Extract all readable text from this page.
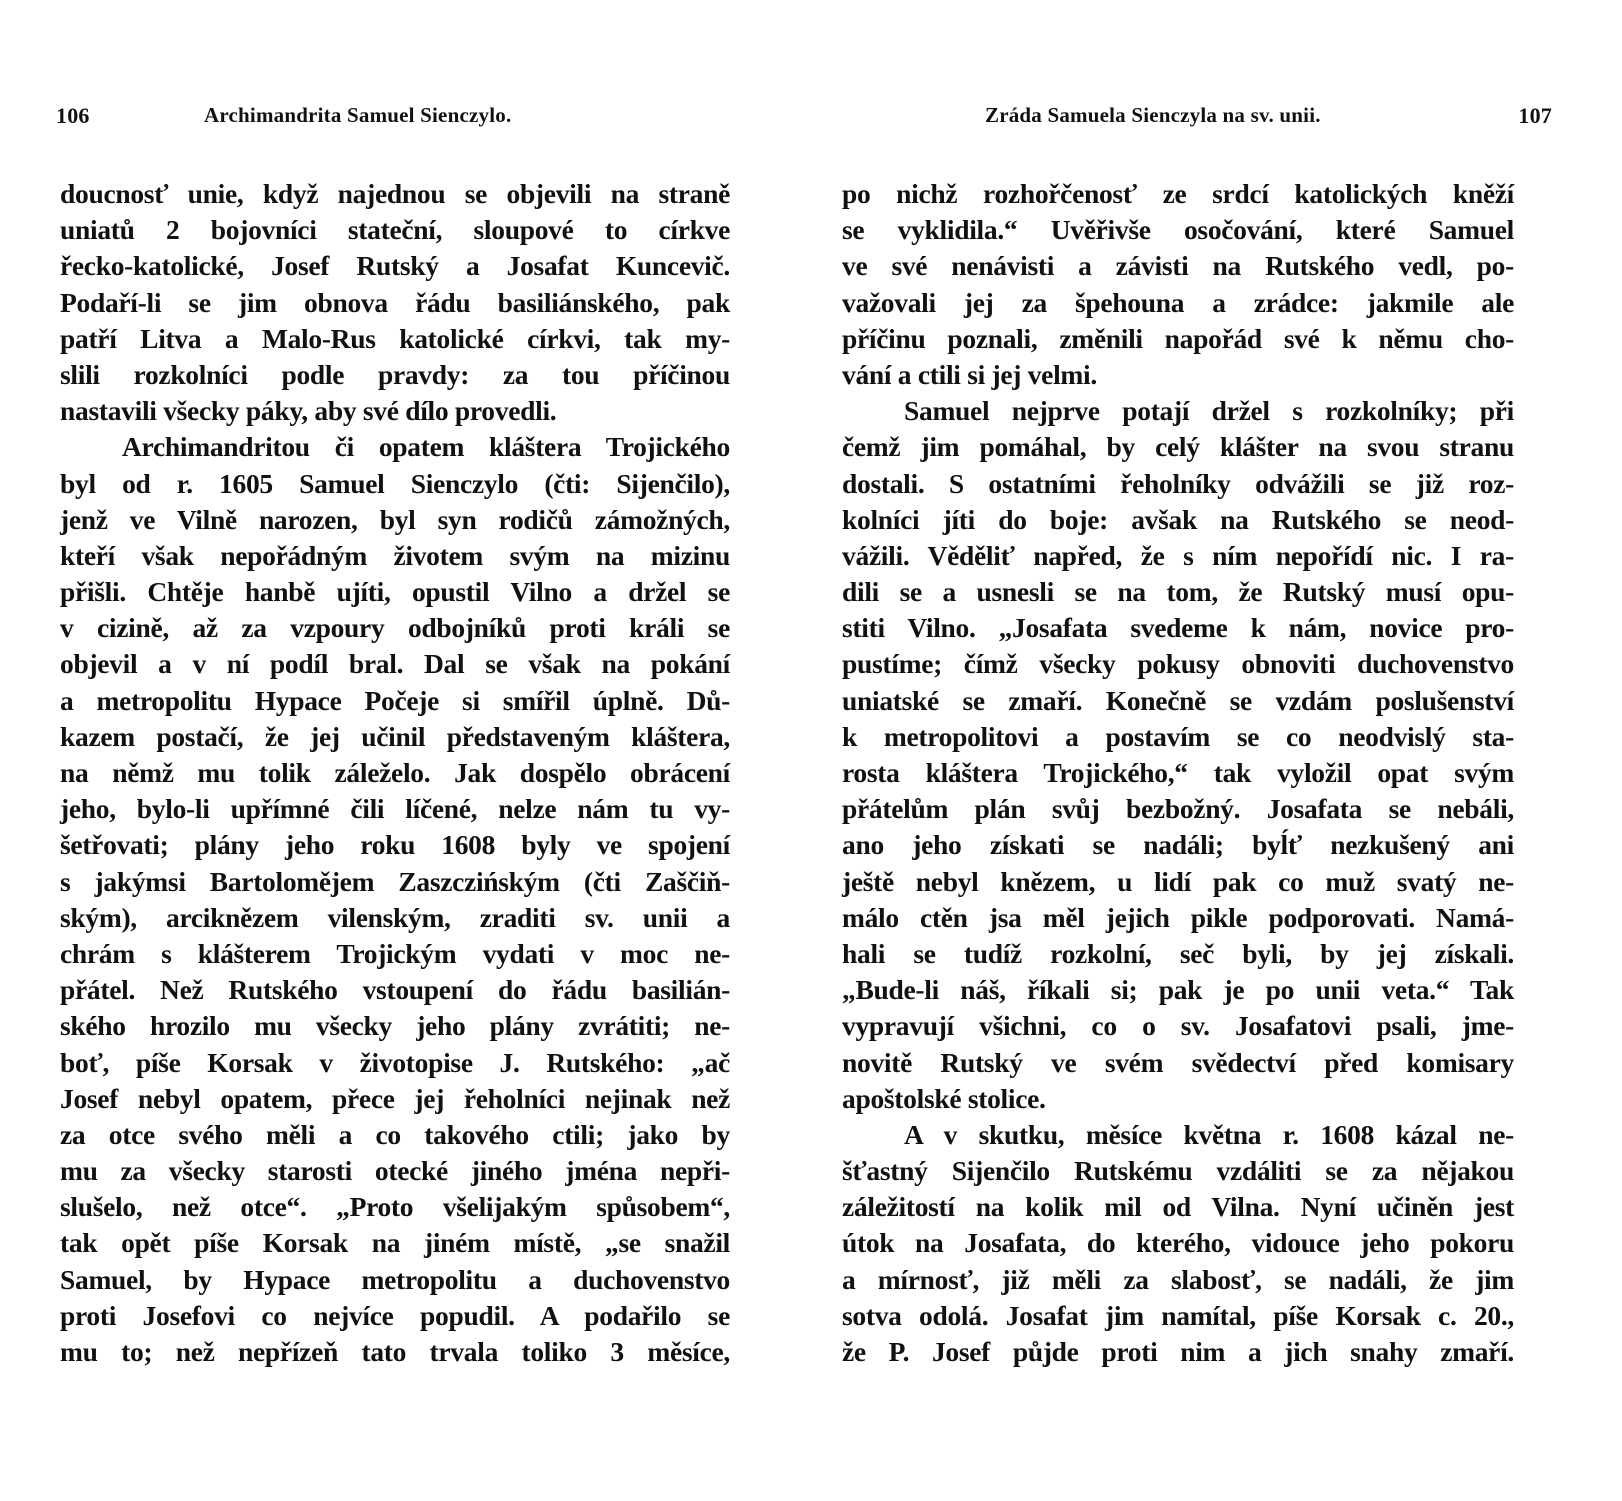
106	Archimandrita Samuel Sienczylo.
doucnosť unie, když najednou se objevili na straně
uniatů 2 bojovníci stateční, sloupové to církve
řecko-katolické, Josef Rutský a Josafat Kuncevič.
Podaří-li se jim obnova řádu basiliánského, pak
patří Litva a Malo-Rus katolické církvi, tak my-
slili rozkolníci podle pravdy: za tou příčinou
nastavili všecky páky, aby své dílo provedli.
Archimandritou či opatem kláštera Trojického
byl od r. 1605 Samuel Sienczylo (čti: Sijenčilo),
jenž ve Vilně narozen, byl syn rodičů zámožných,
kteří však nepořádným životem svým na mizinu
přišli. Chtěje hanbě ujíti, opustil Vilno a držel se
v cizině, až za vzpoury odbojníků proti králi se
objevil a v ní podíl bral. Dal se však na pokání
a metropolitu Hypace Počeje si smířil úplně. Dů-
kazem postačí, že jej učinil představeným kláštera,
na němž mu tolik záleželo. Jak dospělo obrácení
jeho, bylo-li upřímné čili líčené, nelze nám tu vy-
šetřovati; plány jeho roku 1608 byly ve spojení
s jakýmsi Bartolomějem Zaszczińským (čti Zaščiň-
ským), arciknězem vilenským, zraditi sv. unii a
chrám s klášterem Trojickým vydati v moc ne-
přátel. Než Rutského vstoupení do řádu basilián-
ského hrozilo mu všecky jeho plány zvrátiti; ne-
boť, píše Korsak v životopise J. Rutského: „ač
Josef nebyl opatem, přece jej řeholníci nejinak než
za otce svého měli a co takového ctili; jako by
mu za všecky starosti otecké jiného jména nepři-
slušelo, než otce“. „Proto všelijakým spůsobem“,
tak opět píše Korsak na jiném místě, „se snažil
Samuel, by Hypace metropolitu a duchovenstvo
proti Josefovi co nejvíce popudil. A podařilo se
mu to; než nepřízeň tato trvala toliko 3 měsíce,
Zráda Samuela Sienczyla na sv. unii.	107
po nichž rozhořčenosť ze srdcí katolických kněží
se vyklidila.“ Uvěřivše osočování, které Samuel
ve své nenávisti a závisti na Rutského vedl, po-
važovali jej za špehouna a zrádce: jakmile ale
příčinu poznali, změnili napořád své k němu cho-
vání a ctili si jej velmi.
Samuel nejprve potají držel s rozkolníky; při
čemž jim pomáhal, by celý klášter na svou stranu
dostali. S ostatními řeholníky odvážili se již roz-
kolníci jíti do boje: avšak na Rutského se neod-
vážili. Věděliť napřed, že s ním nepořídí nic. I ra-
dili se a usnesli se na tom, že Rutský musí opu-
stiti Vilno. „Josafata svedeme k nám, novice pro-
pustíme; čímž všecky pokusy obnoviti duchovenstvo
uniatské se zmaří. Konečně se vzdám poslušenství
k metropolitovi a postavím se co neodvislý sta-
rosta kláštera Trojického,“ tak vyložil opat svým
přátelům plán svůj bezbožný. Josafata se nebáli,
ano jeho získati se nadáli; byĺť nezkušený ani
ještě nebyl knězem, u lidí pak co muž svatý ne-
málo ctěn jsa měl jejich pikle podporovati. Namá-
hali se tudíž rozkolní, seč byli, by jej získali.
„Bude-li náš, říkali si; pak je po unii veta.“ Tak
vypravují všichni, co o sv. Josafatovi psali, jme-
novitě Rutský ve svém svědectví před komisary
apoštolské stolice.
A v skutku, měsíce května r. 1608 kázal ne-
šťastný Sijenčilo Rutskému vzdáliti se za nějakou
záležitostí na kolik mil od Vilna. Nyní učiněn jest
útok na Josafata, do kterého, vidouce jeho pokoru
a mírnosť, již měli za slabosť, se nadáli, že jim
sotva odolá. Josafat jim namítal, píše Korsak c. 20.,
že P. Josef půjde proti nim a jich snahy zmaří.
